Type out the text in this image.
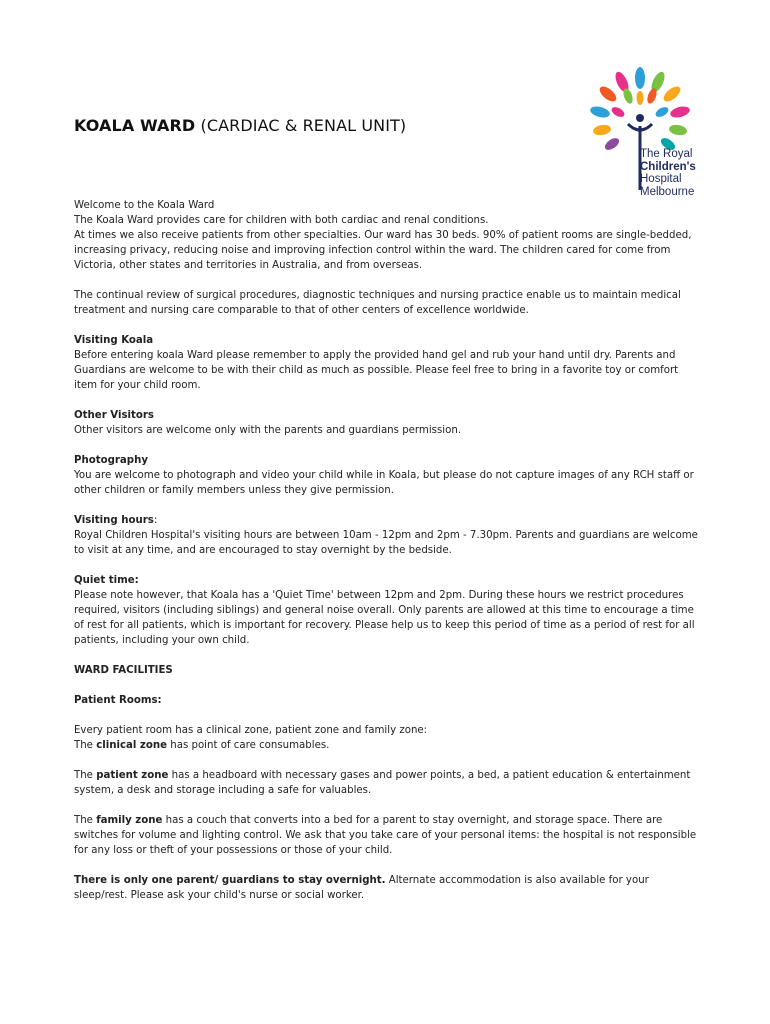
KOALA WARD (CARDIAC & RENAL UNIT)
The Royal
Children's
Hospital
Melbourne

Welcome to the Koala Ward
The Koala Ward provides care for children with both cardiac and renal conditions.
At times we also receive patients from other specialties. Our ward has 30 beds. 90% of patient rooms are single-bedded, increasing privacy, reducing noise and improving infection control within the ward. The children cared for come from Victoria, other states and territories in Australia, and from overseas.

The continual review of surgical procedures, diagnostic techniques and nursing practice enable us to maintain medical treatment and nursing care comparable to that of other centers of excellence worldwide.

Visiting Koala
Before entering koala Ward please remember to apply the provided hand gel and rub your hand until dry. Parents and Guardians are welcome to be with their child as much as possible. Please feel free to bring in a favorite toy or comfort item for your child room.

Other Visitors
Other visitors are welcome only with the parents and guardians permission.

Photography
You are welcome to photograph and video your child while in Koala, but please do not capture images of any RCH staff or other children or family members unless they give permission.

Visiting hours:
Royal Children Hospital's visiting hours are between 10am - 12pm and 2pm - 7.30pm. Parents and guardians are welcome to visit at any time, and are encouraged to stay overnight by the bedside.

Quiet time:
Please note however, that Koala has a 'Quiet Time' between 12pm and 2pm. During these hours we restrict procedures required, visitors (including siblings) and general noise overall. Only parents are allowed at this time to encourage a time of rest for all patients, which is important for recovery. Please help us to keep this period of time as a period of rest for all patients, including your own child.

WARD FACILITIES

Patient Rooms:

Every patient room has a clinical zone, patient zone and family zone:
The clinical zone has point of care consumables.

The patient zone has a headboard with necessary gases and power points, a bed, a patient education & entertainment system, a desk and storage including a safe for valuables.

The family zone has a couch that converts into a bed for a parent to stay overnight, and storage space. There are switches for volume and lighting control. We ask that you take care of your personal items: the hospital is not responsible for any loss or theft of your possessions or those of your child.

There is only one parent/ guardians to stay overnight. Alternate accommodation is also available for your sleep/rest. Please ask your child's nurse or social worker.
